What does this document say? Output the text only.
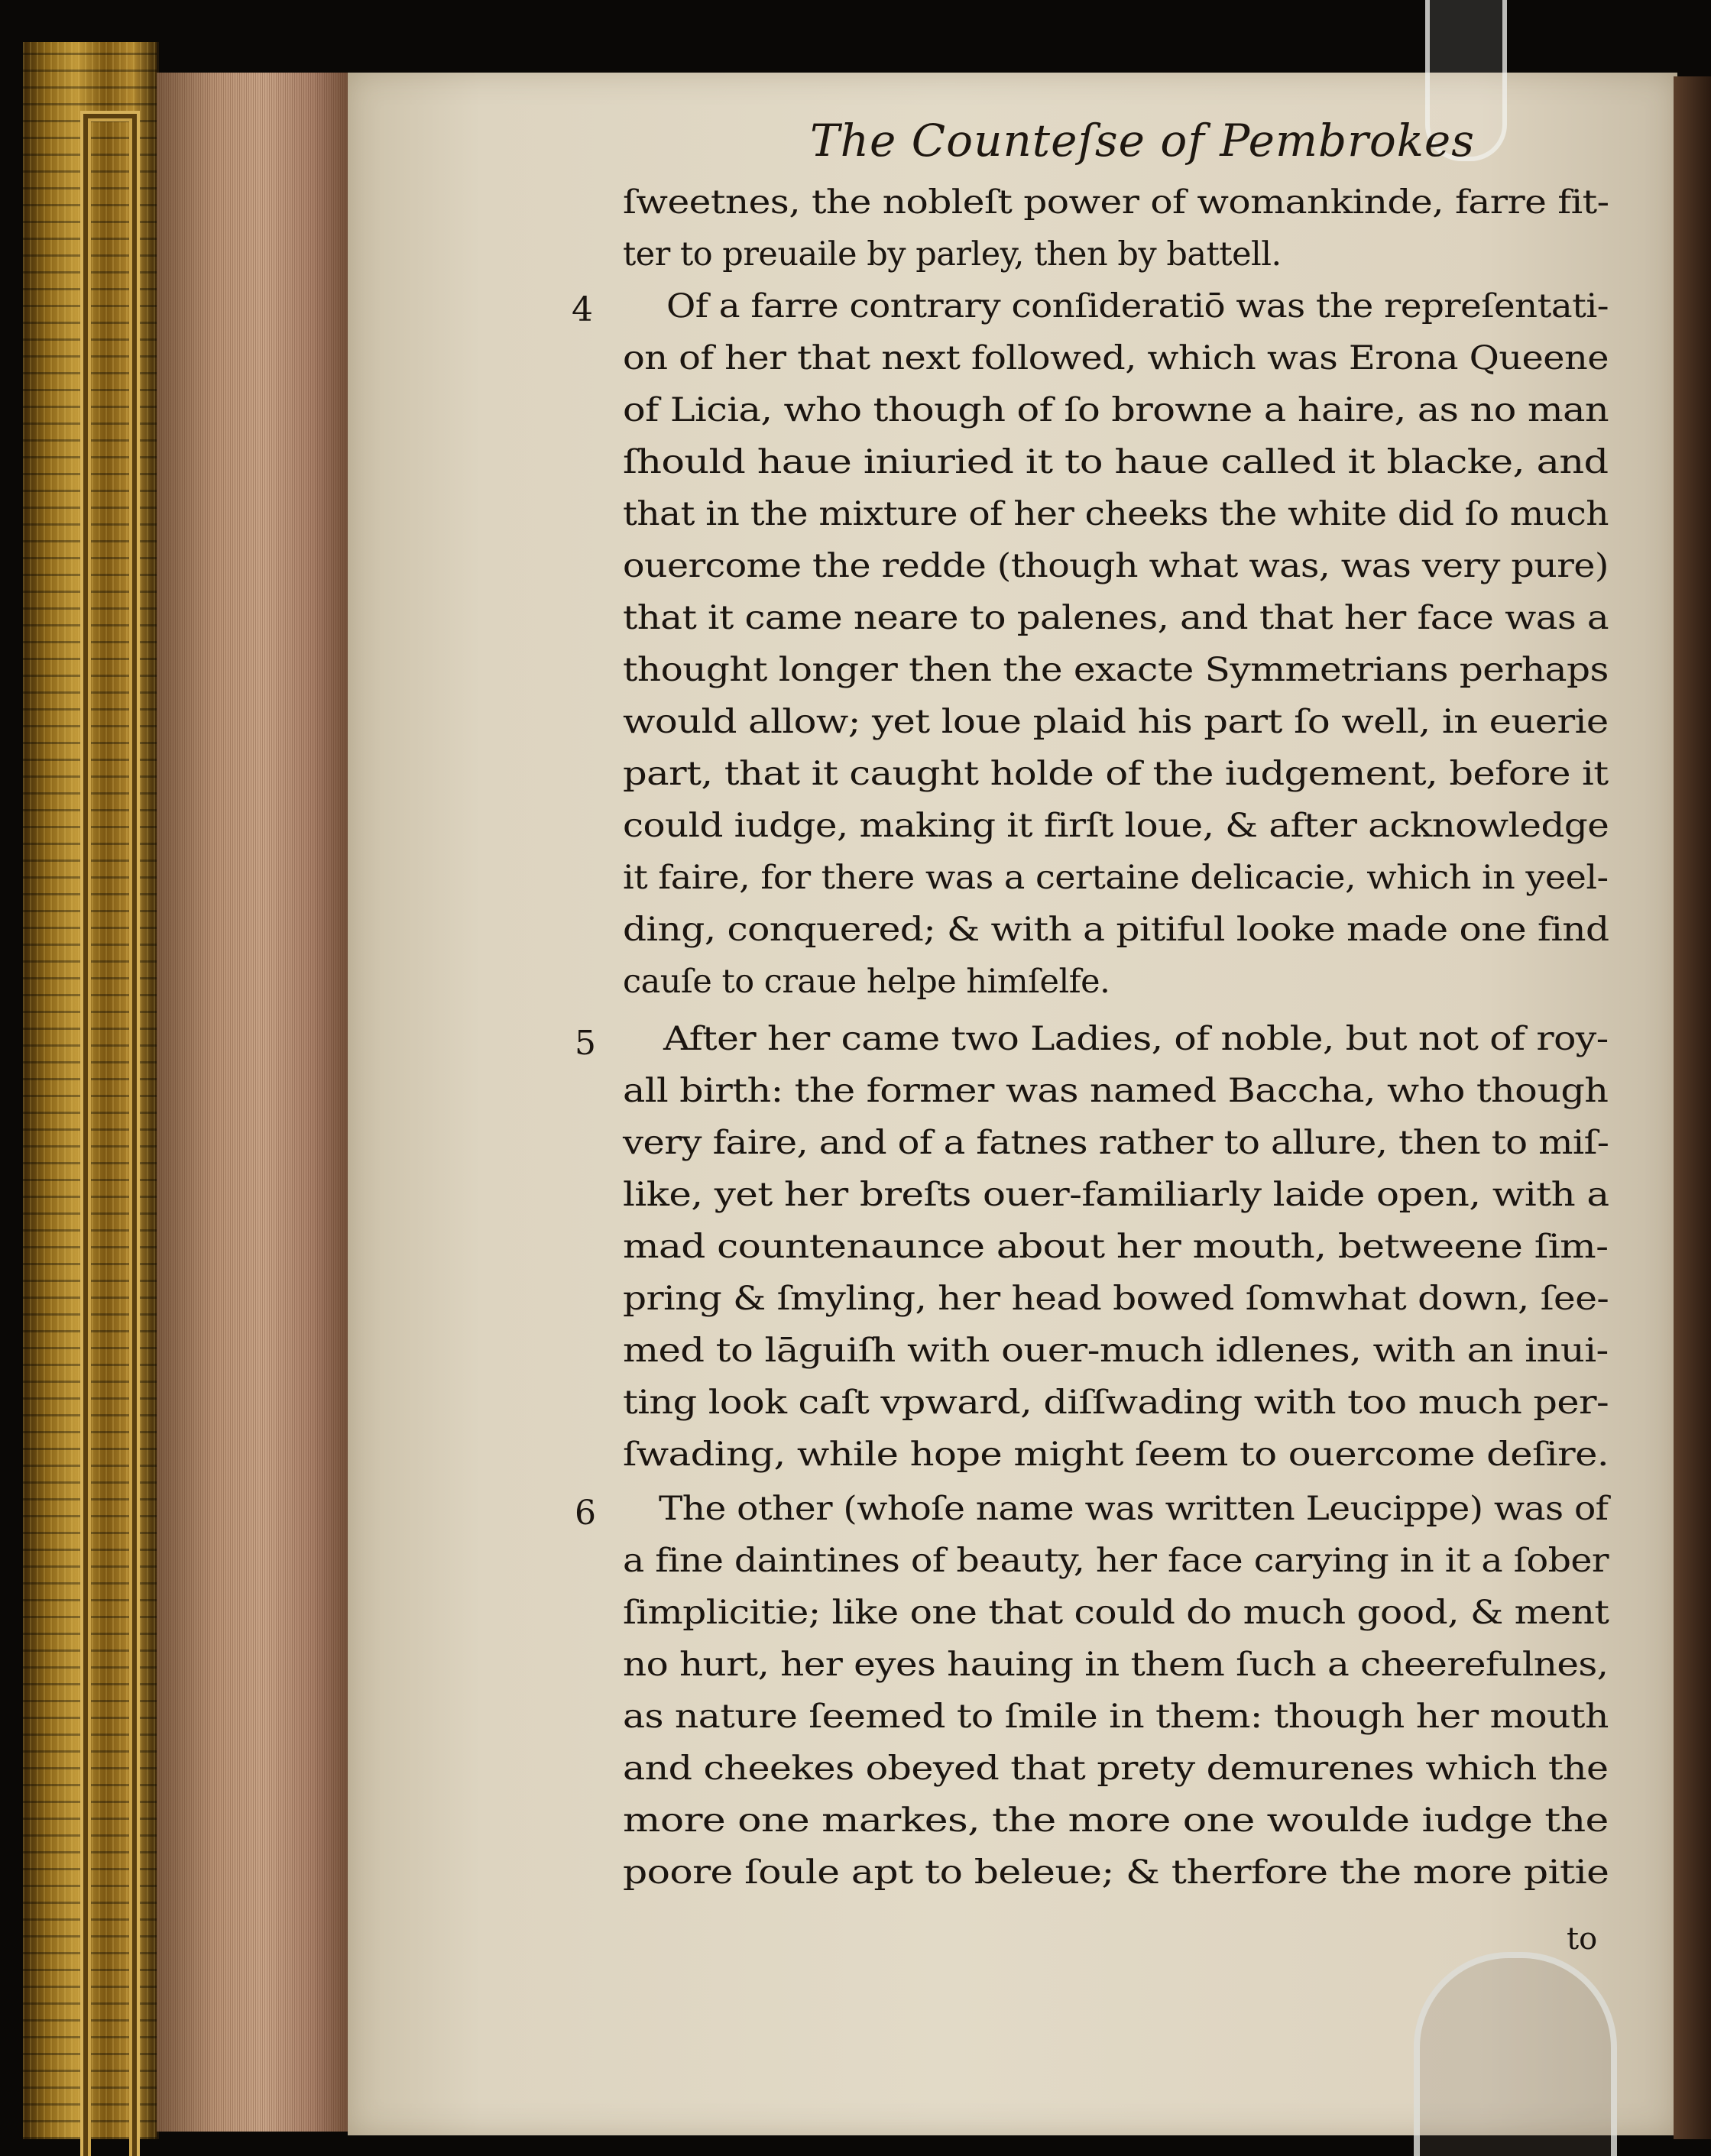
The Counteſse of Pembrokes
4
5
6
ſweetnes, the nobleſt power of womankinde, farre fit-
ter to preuaile by parley, then by battell.
Of a farre contrary conſideratiō was the repreſentati-
on of her that next followed, which was Erona Queene
of Licia, who though of ſo browne a haire, as no man
ſhould haue iniuried it to haue called it blacke, and
that in the mixture of her cheeks the white did ſo much
ouercome the redde (though what was, was very pure)
that it came neare to palenes, and that her face was a
thought longer then the exacte Symmetrians perhaps
would allow; yet loue plaid his part ſo well, in euerie
part, that it caught holde of the iudgement, before it
could iudge, making it firſt loue, & after acknowledge
it faire, for there was a certaine delicacie, which in yeel-
ding, conquered; & with a pitiful looke made one find
cauſe to craue helpe himſelfe.
After her came two Ladies, of noble, but not of roy-
all birth: the former was named Baccha, who though
very faire, and of a fatnes rather to allure, then to miſ-
like, yet her breſts ouer-familiarly laide open, with a
mad countenaunce about her mouth, betweene ſim-
pring & ſmyling, her head bowed ſomwhat down, ſee-
med to lāguiſh with ouer-much idlenes, with an inui-
ting look caſt vpward, diſſwading with too much per-
ſwading, while hope might ſeem to ouercome deſire.
The other (whoſe name was written Leucippe) was of
a fine daintines of beauty, her face carying in it a ſober
ſimplicitie; like one that could do much good, & ment
no hurt, her eyes hauing in them ſuch a cheerefulnes,
as nature ſeemed to ſmile in them: though her mouth
and cheekes obeyed that prety demurenes which the
more one markes, the more one woulde iudge the
poore ſoule apt to beleue; & therfore the more pitie
to
